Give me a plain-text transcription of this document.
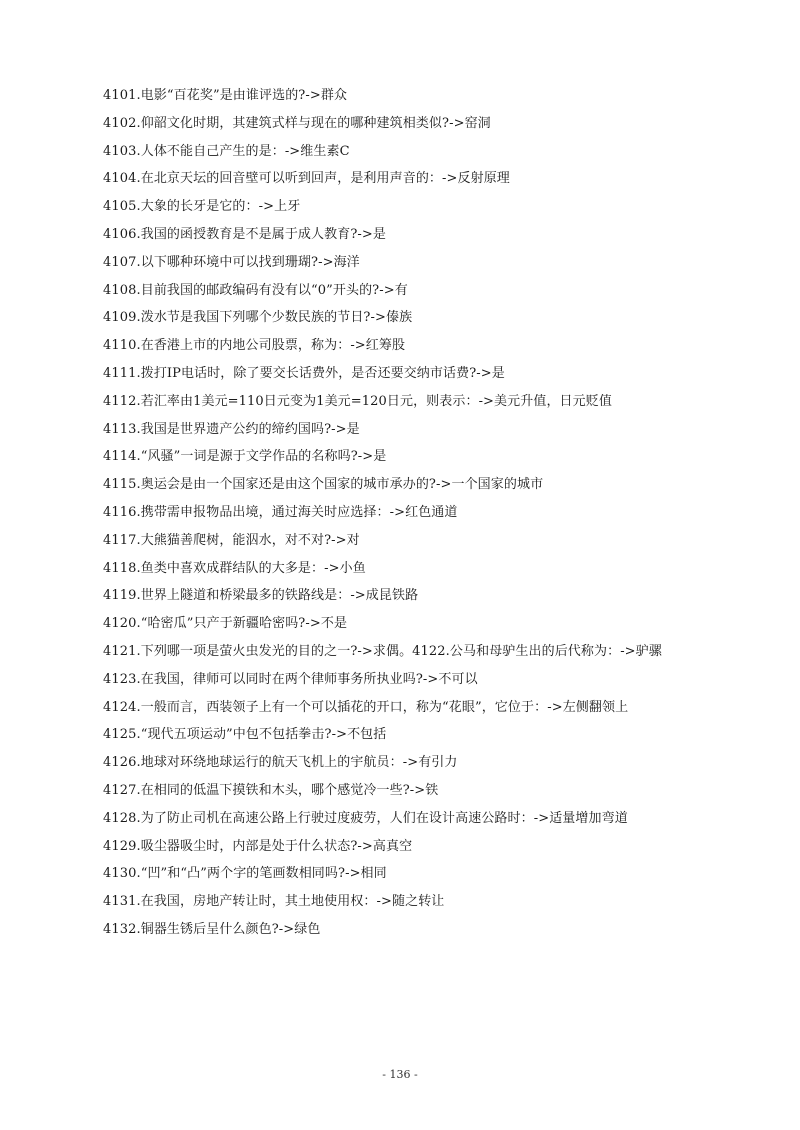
4101.电影“百花奖”是由谁评选的?->群众
4102.仰韶文化时期，其建筑式样与现在的哪种建筑相类似?->窑洞
4103.人体不能自己产生的是：->维生素C
4104.在北京天坛的回音壁可以听到回声，是利用声音的：->反射原理
4105.大象的长牙是它的：->上牙
4106.我国的函授教育是不是属于成人教育?->是
4107.以下哪种环境中可以找到珊瑚?->海洋
4108.目前我国的邮政编码有没有以“0”开头的?->有
4109.泼水节是我国下列哪个少数民族的节日?->傣族
4110.在香港上市的内地公司股票，称为：->红筹股
4111.拨打IP电话时，除了要交长话费外，是否还要交纳市话费?->是
4112.若汇率由1美元=110日元变为1美元=120日元，则表示：->美元升值，日元贬值
4113.我国是世界遗产公约的缔约国吗?->是
4114.“风骚”一词是源于文学作品的名称吗?->是
4115.奥运会是由一个国家还是由这个国家的城市承办的?->一个国家的城市
4116.携带需申报物品出境，通过海关时应选择：->红色通道
4117.大熊猫善爬树，能泅水，对不对?->对
4118.鱼类中喜欢成群结队的大多是：->小鱼
4119.世界上隧道和桥梁最多的铁路线是：->成昆铁路
4120.“哈密瓜”只产于新疆哈密吗?->不是
4121.下列哪一项是萤火虫发光的目的之一?->求偶。4122.公马和母驴生出的后代称为：->驴骡
4123.在我国，律师可以同时在两个律师事务所执业吗?->不可以
4124.一般而言，西装领子上有一个可以插花的开口，称为“花眼”，它位于：->左侧翻领上
4125.“现代五项运动”中包不包括拳击?->不包括
4126.地球对环绕地球运行的航天飞机上的宇航员：->有引力
4127.在相同的低温下摸铁和木头，哪个感觉冷一些?->铁
4128.为了防止司机在高速公路上行驶过度疲劳，人们在设计高速公路时：->适量增加弯道
4129.吸尘器吸尘时，内部是处于什么状态?->高真空
4130.“凹”和“凸”两个字的笔画数相同吗?->相同
4131.在我国，房地产转让时，其土地使用权：->随之转让
4132.铜器生锈后呈什么颜色?->绿色
- 136 -
